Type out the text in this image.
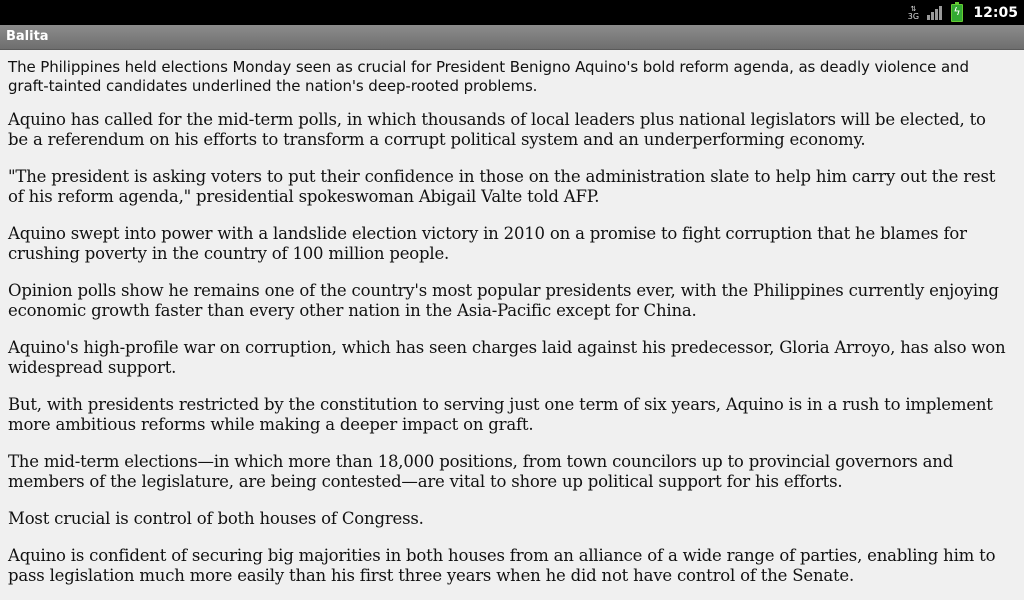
⇅
3G	ϟ 12:05
Balita

The Philippines held elections Monday seen as crucial for President Benigno Aquino's bold reform agenda, as deadly violence and graft-tainted candidates underlined the nation's deep-rooted problems.

Aquino has called for the mid-term polls, in which thousands of local leaders plus national legislators will be elected, to be a referendum on his efforts to transform a corrupt political system and an underperforming economy.

"The president is asking voters to put their confidence in those on the administration slate to help him carry out the rest of his reform agenda," presidential spokeswoman Abigail Valte told AFP.

Aquino swept into power with a landslide election victory in 2010 on a promise to fight corruption that he blames for crushing poverty in the country of 100 million people.

Opinion polls show he remains one of the country's most popular presidents ever, with the Philippines currently enjoying economic growth faster than every other nation in the Asia-Pacific except for China.

Aquino's high-profile war on corruption, which has seen charges laid against his predecessor, Gloria Arroyo, has also won widespread support.

But, with presidents restricted by the constitution to serving just one term of six years, Aquino is in a rush to implement more ambitious reforms while making a deeper impact on graft.

The mid-term elections—in which more than 18,000 positions, from town councilors up to provincial governors and members of the legislature, are being contested—are vital to shore up political support for his efforts.

Most crucial is control of both houses of Congress.

Aquino is confident of securing big majorities in both houses from an alliance of a wide range of parties, enabling him to pass legislation much more easily than his first three years when he did not have control of the Senate.
